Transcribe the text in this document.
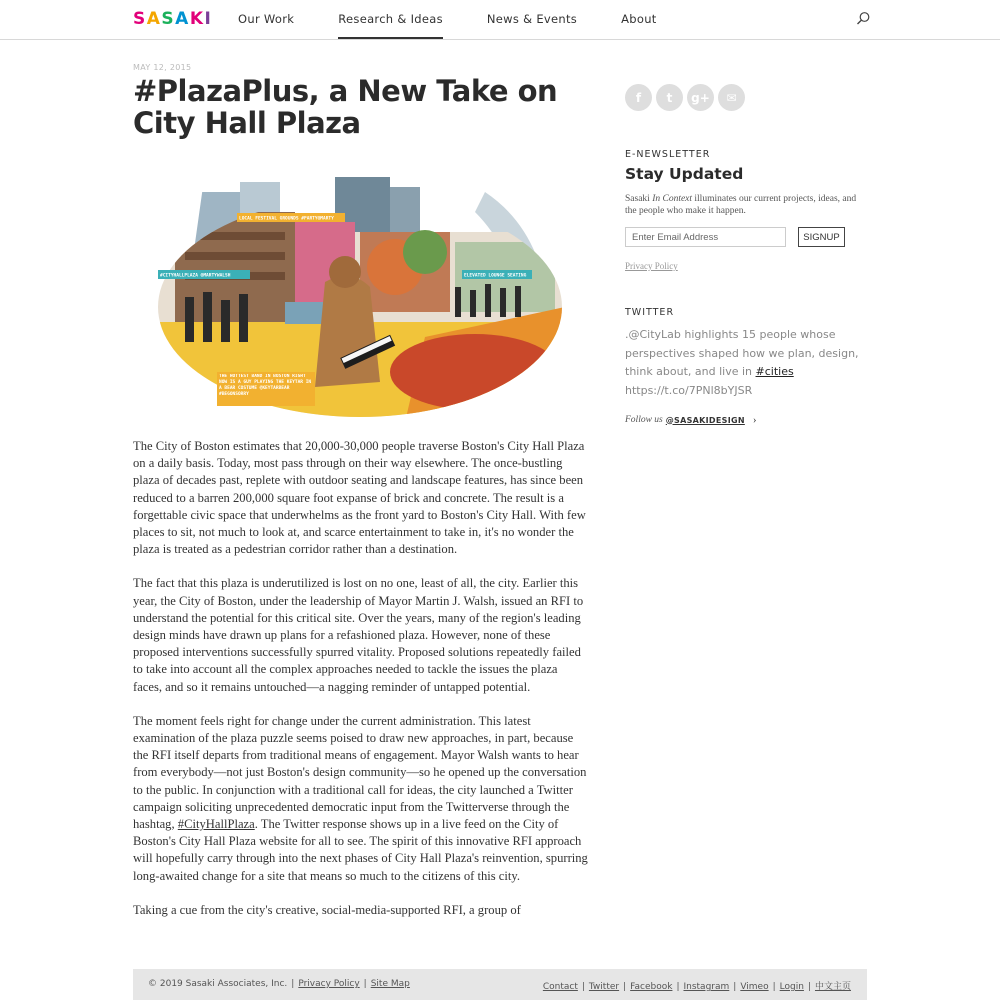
SASAKI Our Work	Research & Ideas	News & Events	About
MAY 12, 2015
#PlazaPlus, a New Take on City Hall Plaza
LOCAL FESTIVAL GROUNDS #PARTY@MARTY
#CITYHALLPLAZA @MARTYWALSH	ELEVATED LOUNGE SEATING
THE HOTTEST BAND IN BOSTON RIGHT NOW IS A GUY PLAYING THE KEYTAR IN A BEAR COSTUME @KEYTARBEAR #BEGONSORRY

The City of Boston estimates that 20,000-30,000 people traverse Boston's City Hall Plaza on a daily basis. Today, most pass through on their way elsewhere. The once-bustling plaza of decades past, replete with outdoor seating and landscape features, has since been reduced to a barren 200,000 square foot expanse of brick and concrete. The result is a forgettable civic space that underwhelms as the front yard to Boston's City Hall. With few places to sit, not much to look at, and scarce entertainment to take in, it's no wonder the plaza is treated as a pedestrian corridor rather than a destination.

The fact that this plaza is underutilized is lost on no one, least of all, the city. Earlier this year, the City of Boston, under the leadership of Mayor Martin J. Walsh, issued an RFI to understand the potential for this critical site. Over the years, many of the region's leading design minds have drawn up plans for a refashioned plaza. However, none of these proposed interventions successfully spurred vitality. Proposed solutions repeatedly failed to take into account all the complex approaches needed to tackle the issues the plaza faces, and so it remains untouched—a nagging reminder of untapped potential.

The moment feels right for change under the current administration. This latest examination of the plaza puzzle seems poised to draw new approaches, in part, because the RFI itself departs from traditional means of engagement. Mayor Walsh wants to hear from everybody—not just Boston's design community—so he opened up the conversation to the public. In conjunction with a traditional call for ideas, the city launched a Twitter campaign soliciting unprecedented democratic input from the Twitterverse through the hashtag, #CityHallPlaza. The Twitter response shows up in a live feed on the City of Boston's City Hall Plaza website for all to see. The spirit of this innovative RFI approach will hopefully carry through into the next phases of City Hall Plaza's reinvention, spurring long-awaited change for a site that means so much to the citizens of this city.

Taking a cue from the city's creative, social-media-supported RFI, a group of

f t g+ ✉
E-NEWSLETTER
Stay Updated
Sasaki In Context illuminates our current projects, ideas, and the people who make it happen.
Enter Email Address
SIGNUP
Privacy Policy
TWITTER
.@CityLab highlights 15 people whose perspectives shaped how we plan, design, think about, and live in #cities
https://t.co/7PNl8bYJSR
Follow us @SASAKIDESIGN ›
© 2019 Sasaki Associates, Inc. | Privacy Policy | Site Map	Contact | Twitter | Facebook | Instagram | Vimeo | Login | 中文主页
